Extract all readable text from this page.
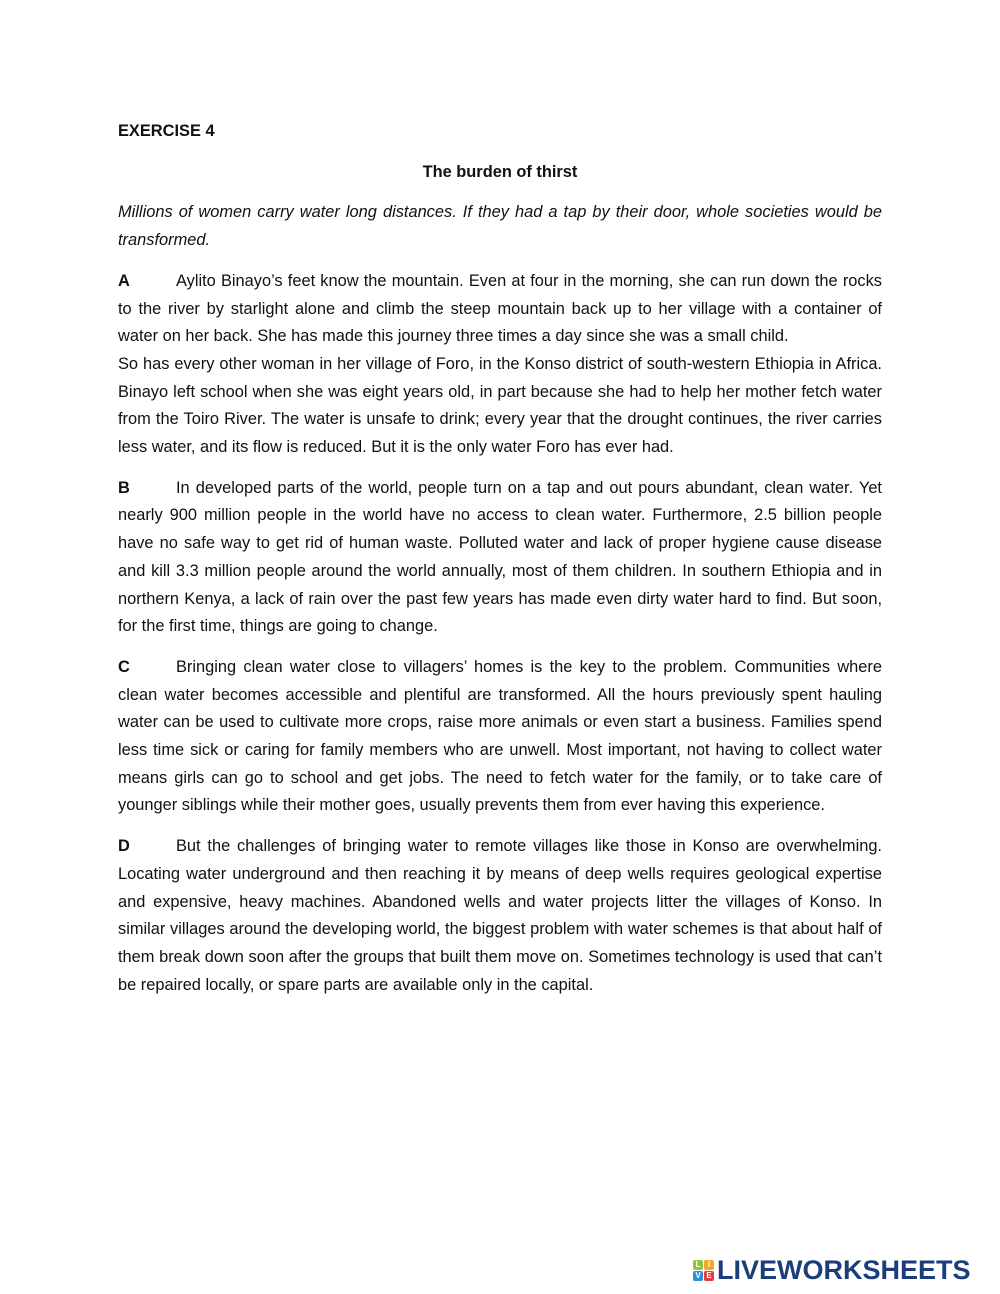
EXERCISE 4
The burden of thirst

Millions of women carry water long distances. If they had a tap by their door, whole societies would be transformed.

A	Aylito Binayo’s feet know the mountain. Even at four in the morning, she can run down the rocks to the river by starlight alone and climb the steep mountain back up to her village with a container of water on her back. She has made this journey three times a day since she was a small child.

So has every other woman in her village of Foro, in the Konso district of south-western Ethiopia in Africa. Binayo left school when she was eight years old, in part because she had to help her mother fetch water from the Toiro River. The water is unsafe to drink; every year that the drought continues, the river carries less water, and its flow is reduced. But it is the only water Foro has ever had.

B	In developed parts of the world, people turn on a tap and out pours abundant, clean water. Yet nearly 900 million people in the world have no access to clean water. Furthermore, 2.5 billion people have no safe way to get rid of human waste. Polluted water and lack of proper hygiene cause disease and kill 3.3 million people around the world annually, most of them children. In southern Ethiopia and in northern Kenya, a lack of rain over the past few years has made even dirty water hard to find. But soon, for the first time, things are going to change.

C	Bringing clean water close to villagers’ homes is the key to the problem. Communities where clean water becomes accessible and plentiful are transformed. All the hours previously spent hauling water can be used to cultivate more crops, raise more animals or even start a business. Families spend less time sick or caring for family members who are unwell. Most important, not having to collect water means girls can go to school and get jobs. The need to fetch water for the family, or to take care of younger siblings while their mother goes, usually prevents them from ever having this experience.

D	But the challenges of bringing water to remote villages like those in Konso are overwhelming. Locating water underground and then reaching it by means of deep wells requires geological expertise and expensive, heavy machines. Abandoned wells and water projects litter the villages of Konso. In similar villages around the developing world, the biggest problem with water schemes is that about half of them break down soon after the groups that built them move on. Sometimes technology is used that can’t be repaired locally, or spare parts are available only in the capital.

L I
V E LIVEWORKSHEETS
